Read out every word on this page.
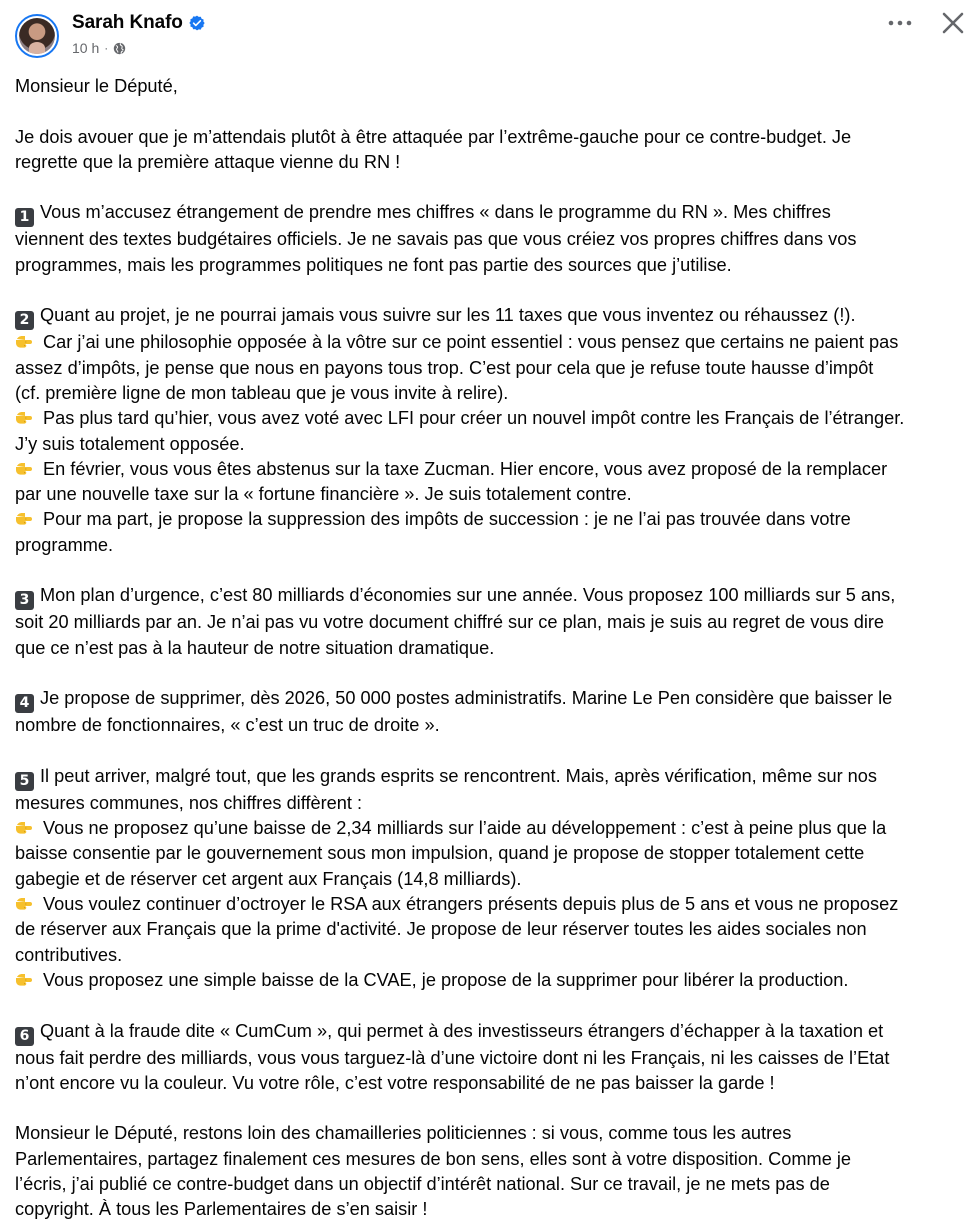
Sarah Knafo
10 h ·

Monsieur le Député,

Je dois avouer que je m’attendais plutôt à être attaquée par l’extrême-gauche pour ce contre-budget. Je
regrette que la première attaque vienne du RN !

1 Vous m’accusez étrangement de prendre mes chiffres « dans le programme du RN ». Mes chiffres
viennent des textes budgétaires officiels. Je ne savais pas que vous créiez vos propres chiffres dans vos
programmes, mais les programmes politiques ne font pas partie des sources que j’utilise.

2 Quant au projet, je ne pourrai jamais vous suivre sur les 11 taxes que vous inventez ou réhaussez (!).

Car j’ai une philosophie opposée à la vôtre sur ce point essentiel : vous pensez que certains ne paient pas
assez d’impôts, je pense que nous en payons tous trop. C’est pour cela que je refuse toute hausse d’impôt
(cf. première ligne de mon tableau que je vous invite à relire).

Pas plus tard qu’hier, vous avez voté avec LFI pour créer un nouvel impôt contre les Français de l’étranger.
J’y suis totalement opposée.

En février, vous vous êtes abstenus sur la taxe Zucman. Hier encore, vous avez proposé de la remplacer
par une nouvelle taxe sur la « fortune financière ». Je suis totalement contre.

Pour ma part, je propose la suppression des impôts de succession : je ne l’ai pas trouvée dans votre
programme.

3 Mon plan d’urgence, c’est 80 milliards d’économies sur une année. Vous proposez 100 milliards sur 5 ans,
soit 20 milliards par an. Je n’ai pas vu votre document chiffré sur ce plan, mais je suis au regret de vous dire
que ce n’est pas à la hauteur de notre situation dramatique.

4 Je propose de supprimer, dès 2026, 50 000 postes administratifs. Marine Le Pen considère que baisser le
nombre de fonctionnaires, « c’est un truc de droite ».

5 Il peut arriver, malgré tout, que les grands esprits se rencontrent. Mais, après vérification, même sur nos
mesures communes, nos chiffres diffèrent :

Vous ne proposez qu’une baisse de 2,34 milliards sur l’aide au développement : c’est à peine plus que la
baisse consentie par le gouvernement sous mon impulsion, quand je propose de stopper totalement cette
gabegie et de réserver cet argent aux Français (14,8 milliards).

Vous voulez continuer d’octroyer le RSA aux étrangers présents depuis plus de 5 ans et vous ne proposez
de réserver aux Français que la prime d'activité. Je propose de leur réserver toutes les aides sociales non
contributives.

Vous proposez une simple baisse de la CVAE, je propose de la supprimer pour libérer la production.

6 Quant à la fraude dite « CumCum », qui permet à des investisseurs étrangers d’échapper à la taxation et
nous fait perdre des milliards, vous vous targuez-là d’une victoire dont ni les Français, ni les caisses de l’Etat
n’ont encore vu la couleur. Vu votre rôle, c’est votre responsabilité de ne pas baisser la garde !

Monsieur le Député, restons loin des chamailleries politiciennes : si vous, comme tous les autres
Parlementaires, partagez finalement ces mesures de bon sens, elles sont à votre disposition. Comme je
l’écris, j’ai publié ce contre-budget dans un objectif d’intérêt national. Sur ce travail, je ne mets pas de
copyright. À tous les Parlementaires de s’en saisir !
